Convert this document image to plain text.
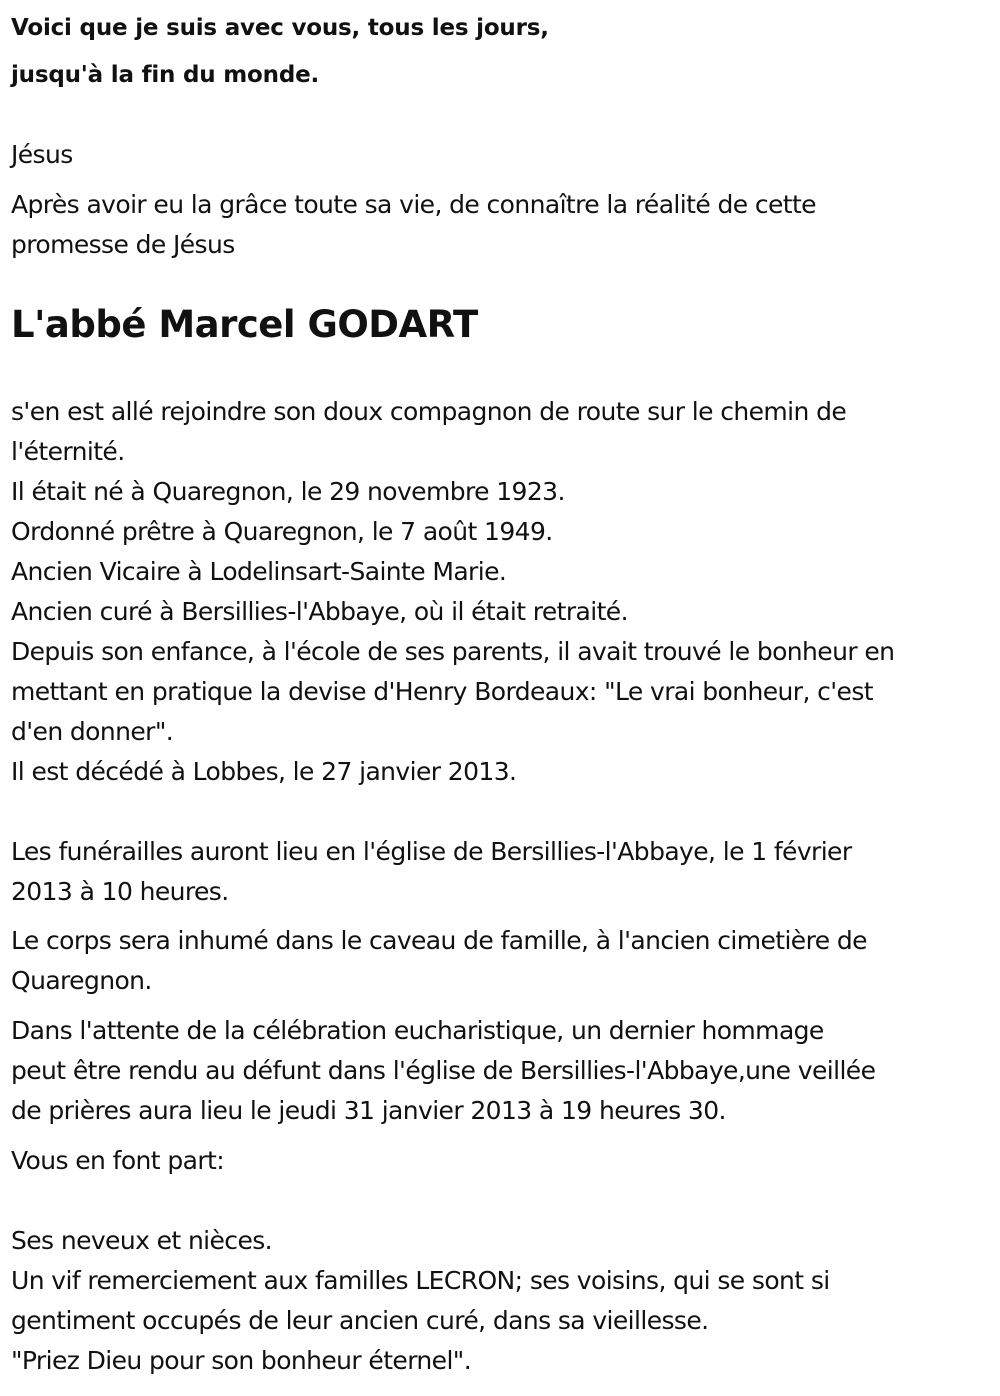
Voici que je suis avec vous, tous les jours,
jusqu'à la fin du monde.
Jésus
Après avoir eu la grâce toute sa vie, de connaître la réalité de cette
promesse de Jésus
L'abbé Marcel GODART
s'en est allé rejoindre son doux compagnon de route sur le chemin de
l'éternité.
Il était né à Quaregnon, le 29 novembre 1923.
Ordonné prêtre à Quaregnon, le 7 août 1949.
Ancien Vicaire à Lodelinsart-Sainte Marie.
Ancien curé à Bersillies-l'Abbaye, où il était retraité.
Depuis son enfance, à l'école de ses parents, il avait trouvé le bonheur en
mettant en pratique la devise d'Henry Bordeaux: "Le vrai bonheur, c'est
d'en donner".
Il est décédé à Lobbes, le 27 janvier 2013.
Les funérailles auront lieu en l'église de Bersillies-l'Abbaye, le 1 février
2013 à 10 heures.
Le corps sera inhumé dans le caveau de famille, à l'ancien cimetière de
Quaregnon.
Dans l'attente de la célébration eucharistique, un dernier hommage
peut être rendu au défunt dans l'église de Bersillies-l'Abbaye,une veillée
de prières aura lieu le jeudi 31 janvier 2013 à 19 heures 30.
Vous en font part:
Ses neveux et nièces.
Un vif remerciement aux familles LECRON; ses voisins, qui se sont si
gentiment occupés de leur ancien curé, dans sa vieillesse.
"Priez Dieu pour son bonheur éternel".
